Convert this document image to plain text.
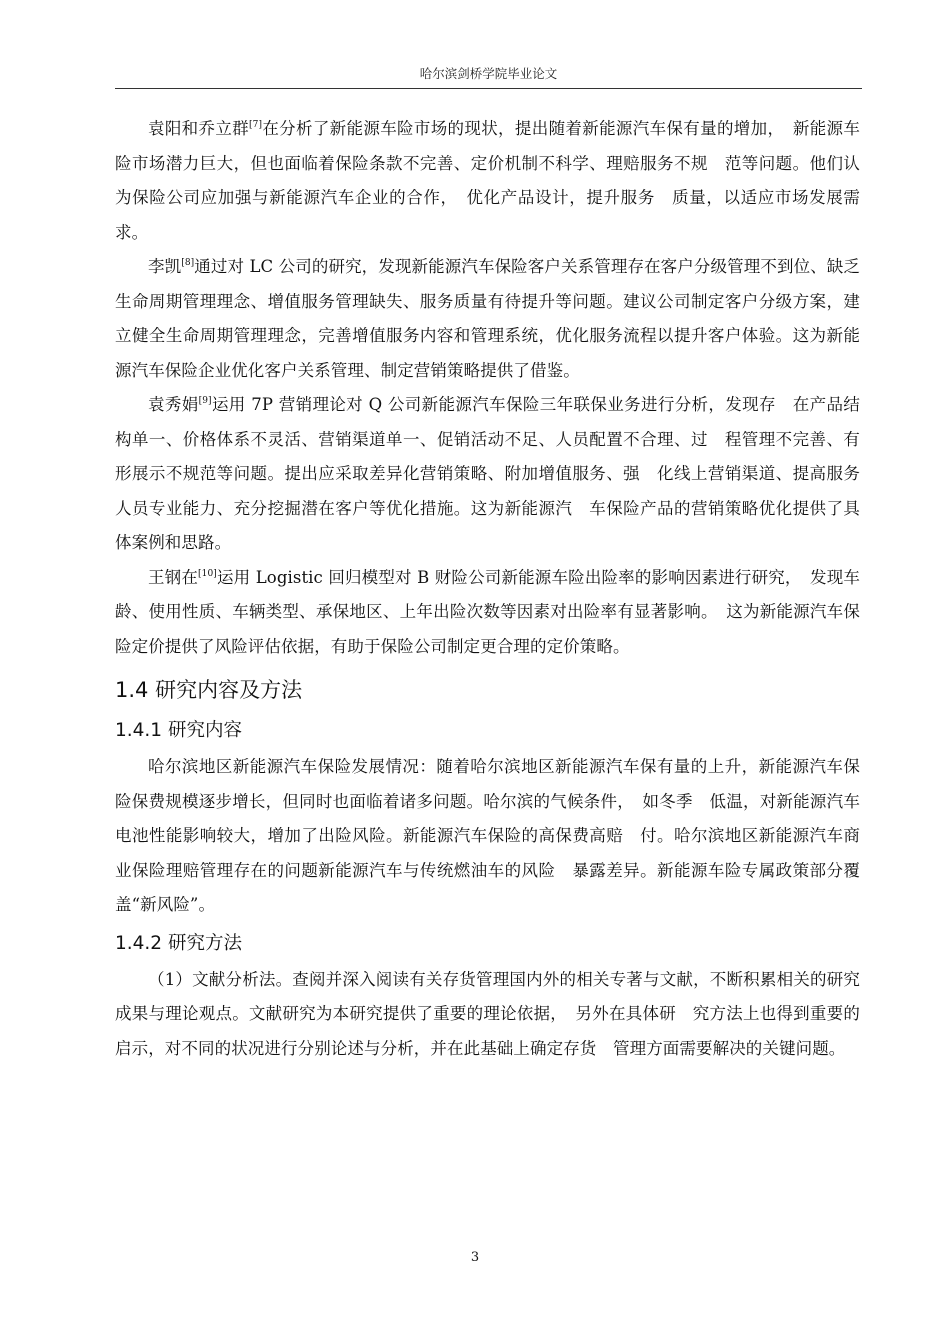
哈尔滨剑桥学院毕业论文

袁阳和乔立群[7]在分析了新能源车险市场的现状，提出随着新能源汽车保有量的增加，　新能源车险市场潜力巨大，但也面临着保险条款不完善、定价机制不科学、理赔服务不规　范等问题。他们认为保险公司应加强与新能源汽车企业的合作，　优化产品设计，提升服务　质量，以适应市场发展需求。

李凯[8]通过对 LC 公司的研究，发现新能源汽车保险客户关系管理存在客户分级管理不到位、缺乏生命周期管理理念、增值服务管理缺失、服务质量有待提升等问题。建议公司制定客户分级方案，建立健全生命周期管理理念，完善增值服务内容和管理系统，优化服务流程以提升客户体验。这为新能源汽车保险企业优化客户关系管理、制定营销策略提供了借鉴。

袁秀娟[9]运用 7P 营销理论对 Q 公司新能源汽车保险三年联保业务进行分析，发现存　在产品结构单一、价格体系不灵活、营销渠道单一、促销活动不足、人员配置不合理、过　程管理不完善、有形展示不规范等问题。提出应采取差异化营销策略、附加增值服务、强　化线上营销渠道、提高服务人员专业能力、充分挖掘潜在客户等优化措施。这为新能源汽　车保险产品的营销策略优化提供了具体案例和思路。

王钢在[10]运用 Logistic 回归模型对 B 财险公司新能源车险出险率的影响因素进行研究，　发现车龄、使用性质、车辆类型、承保地区、上年出险次数等因素对出险率有显著影响。　这为新能源汽车保险定价提供了风险评估依据，有助于保险公司制定更合理的定价策略。

1.4 研究内容及方法
1.4.1 研究内容

哈尔滨地区新能源汽车保险发展情况：随着哈尔滨地区新能源汽车保有量的上升，新能源汽车保险保费规模逐步增长，但同时也面临着诸多问题。哈尔滨的气候条件，　如冬季　低温，对新能源汽车电池性能影响较大，增加了出险风险。新能源汽车保险的高保费高赔　付。哈尔滨地区新能源汽车商业保险理赔管理存在的问题新能源汽车与传统燃油车的风险　暴露差异。新能源车险专属政策部分覆盖“新风险”。

1.4.2 研究方法

（1）文献分析法。查阅并深入阅读有关存货管理国内外的相关专著与文献，不断积累相关的研究成果与理论观点。文献研究为本研究提供了重要的理论依据，　另外在具体研　究方法上也得到重要的启示，对不同的状况进行分别论述与分析，并在此基础上确定存货　管理方面需要解决的关键问题。

3
